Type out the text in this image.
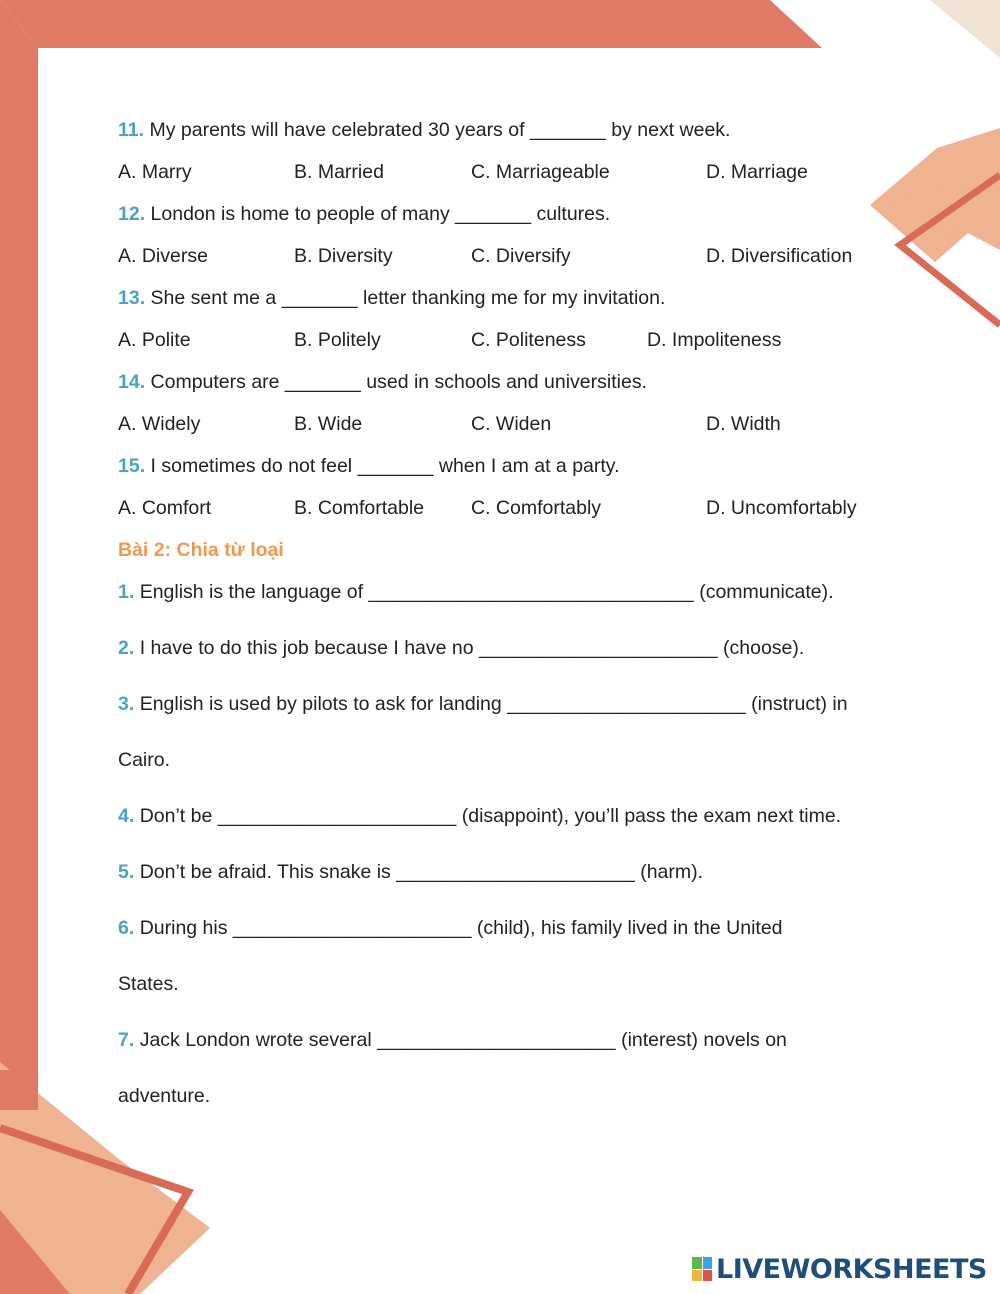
11. My parents will have celebrated 30 years of _______ by next week.
A. Marry	B. Married	C. Marriageable	D. Marriage
12. London is home to people of many _______ cultures.
A. Diverse	B. Diversity	C. Diversify	D. Diversification
13. She sent me a _______ letter thanking me for my invitation.
A. Polite	B. Politely	C. Politeness	D. Impoliteness
14. Computers are _______ used in schools and universities.
A. Widely	B. Wide	C. Widen	D. Width
15. I sometimes do not feel _______ when I am at a party.
A. Comfort	B. Comfortable C. Comfortably	D. Uncomfortably
Bài 2: Chia từ loại
1. English is the language of ______________________________ (communicate).
2. I have to do this job because I have no ______________________ (choose).
3. English is used by pilots to ask for landing ______________________ (instruct) in
Cairo.
4. Don’t be ______________________ (disappoint), you’ll pass the exam next time.
5. Don’t be afraid. This snake is ______________________ (harm).
6. During his ______________________ (child), his family lived in the United
States.
7. Jack London wrote several ______________________ (interest) novels on
adventure.
LIVEWORKSHEETS
